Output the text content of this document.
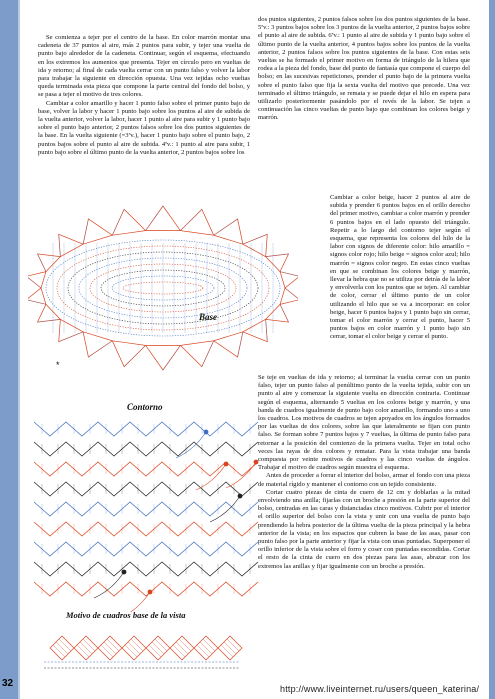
Se comienza a tejer por el centro de la base. En color marrón montar una cadeneta de 37 puntos al aire, más 2 puntos para subir, y tejer una vuelta de punto bajo alrededor de la cadeneta. Continuar, según el esquema, efectuando en los extremos los aumentos que presenta. Tejer en círculo pero en vueltas de ida y retorno; al final de cada vuelta cerrar con un punto falso y volver la labor para trabajar la siguiente en dirección opuesta. Una vez tejidas ocho vueltas queda terminada esta pieza que compone la parte central del fondo del bolso, y se pasa a tejer el motivo de tres colores.

Cambiar a color amarillo y hacer 1 punto falso sobre el primer punto bajo de base, volver la labor y hacer 1 punto bajo sobre los puntos al aire de subida de la vuelta anterior, volver la labor, hacer 1 punto al aire para subir y 1 punto bajo sobre el punto bajo anterior, 2 puntos falsos sobre los dos puntos siguientes de la base. En la vuelta siguiente (=3ªv.), hacer 1 punto bajo sobre el punto bajo, 2 puntos bajos sobre el punto al aire de subida. 4ªv.: 1 punto al aire para subir, 1 punto bajo sobre el último punto de la vuelta anterior, 2 puntos bajos sobre los

dos puntos siguientes, 2 puntos falsos sobre los dos puntos siguientes de la base. 5ªv.: 3 puntos bajos sobre los 3 puntos de la vuelta anterior, 2 puntos bajos sobre el punto al aire de subida. 6ªv.: 1 punto al aire de subida y 1 punto bajo sobre el último punto de la vuelta anterior, 4 puntos bajos sobre los puntos de la vuelta anterior, 2 puntos falsos sobre los puntos siguientes de la base. Con estas seis vueltas se ha formado el primer motivo en forma de triángulo de la hilera que rodea a la pieza del fondo, base del punto de fantasía que compone el cuerpo del bolso; en las sucesivas repeticiones, prender el punto bajo de la primera vuelta sobre el punto falso que fija la sexta vuelta del motivo que precede. Una vez terminado el último triángulo, se remata y se puede dejar el hilo en espera para utilizarlo posteriormente pasándolo por el revés de la labor. Se tejen a continuación las cinco vueltas de punto bajo que combinan los colores beige y marrón.

Cambiar a color beige, hacer 2 puntos al aire de subida y prender 6 puntos bajos en el orillo derecho del primer motivo, cambiar a color marrón y prender 6 puntos bajos en el lado opuesto del triángulo. Repetir a lo largo del contorno tejer según el esquema, que representa los colores del hilo de la labor con signos de diferente color: hilo amarillo = signos color rojo; hilo beige = signos color azul; hilo marrón = signos color negro. En estas cinco vueltas en que se combinan los colores beige y marrón, llevar la hebra que no se utiliza por detrás de la labor y envolverla con los puntos que se tejen. Al cambiar de color, cerrar el último punto de un color utilizando el hilo que se va a incorporar: en color beige, hacer 6 puntos bajos y 1 punto bajo sin cerrar, tomar el color marrón y cerrar el punto, hacer 5 puntos bajos en color marrón y 1 punto bajo sin cerrar, tomar el color beige y cerrar el punto.

Se teje en vueltas de ida y retorno; al terminar la vuelta cerrar con un punto falso, tejer un punto falso al penúltimo punto de la vuelta tejida, subir con un punto al aire y comenzar la siguiente vuelta en dirección contraria. Continuar según el esquema, alternando 5 vueltas en los colores beige y marrón, y una banda de cuadros igualmente de punto bajo color amarillo, formando uno a uno los cuadros. Los motivos de cuadros se tejen apoyados en los ángulos formados por las vueltas de dos colores, sobre las que lateralmente se fijan con punto falso. Se forman sobre 7 puntos bajos y 7 vueltas, la última de punto falso para retornar a la posición del comienzo de la primera vuelta. Tejer en total ocho veces las rayas de dos colores y rematar. Para la vista trabajar una banda compuesta por veinte motivos de cuadros y las cinco vueltas de ángulos. Trabajar el motivo de cuadros según muestra el esquema.

Antes de proceder a forrar el interior del bolso, armar el fondo con una pieza de material rígido y mantener el contorno con un tejido consistente.

Cortar cuatro piezas de cinta de cuero de 12 cm y doblarlas a la mitad envolviendo una anilla; fijarlas con un broche a presión en la parte superior del bolso, centradas en las caras y distanciadas cinco motivos. Cubrir por el interior el orillo superior del bolso con la vista y unir con una vuelta de punto bajo prendiendo la hebra posterior de la última vuelta de la pieza principal y la hebra anterior de la vista; en los espacios que cubren la base de las asas, pasar con punto falso por la parte anterior y fijar la vista con unas puntadas. Superponer el orillo inferior de la vista sobre el forro y coser con puntadas escondidas. Cortar el resto de la cinta de cuero en dos piezas para las asas, abrazar con los extremos las anillas y fijar igualmente con un broche a presión.

Base
Contorno
Motivo de cuadros base de la vista
*
32	http://www.liveinternet.ru/users/queen_katerina/
